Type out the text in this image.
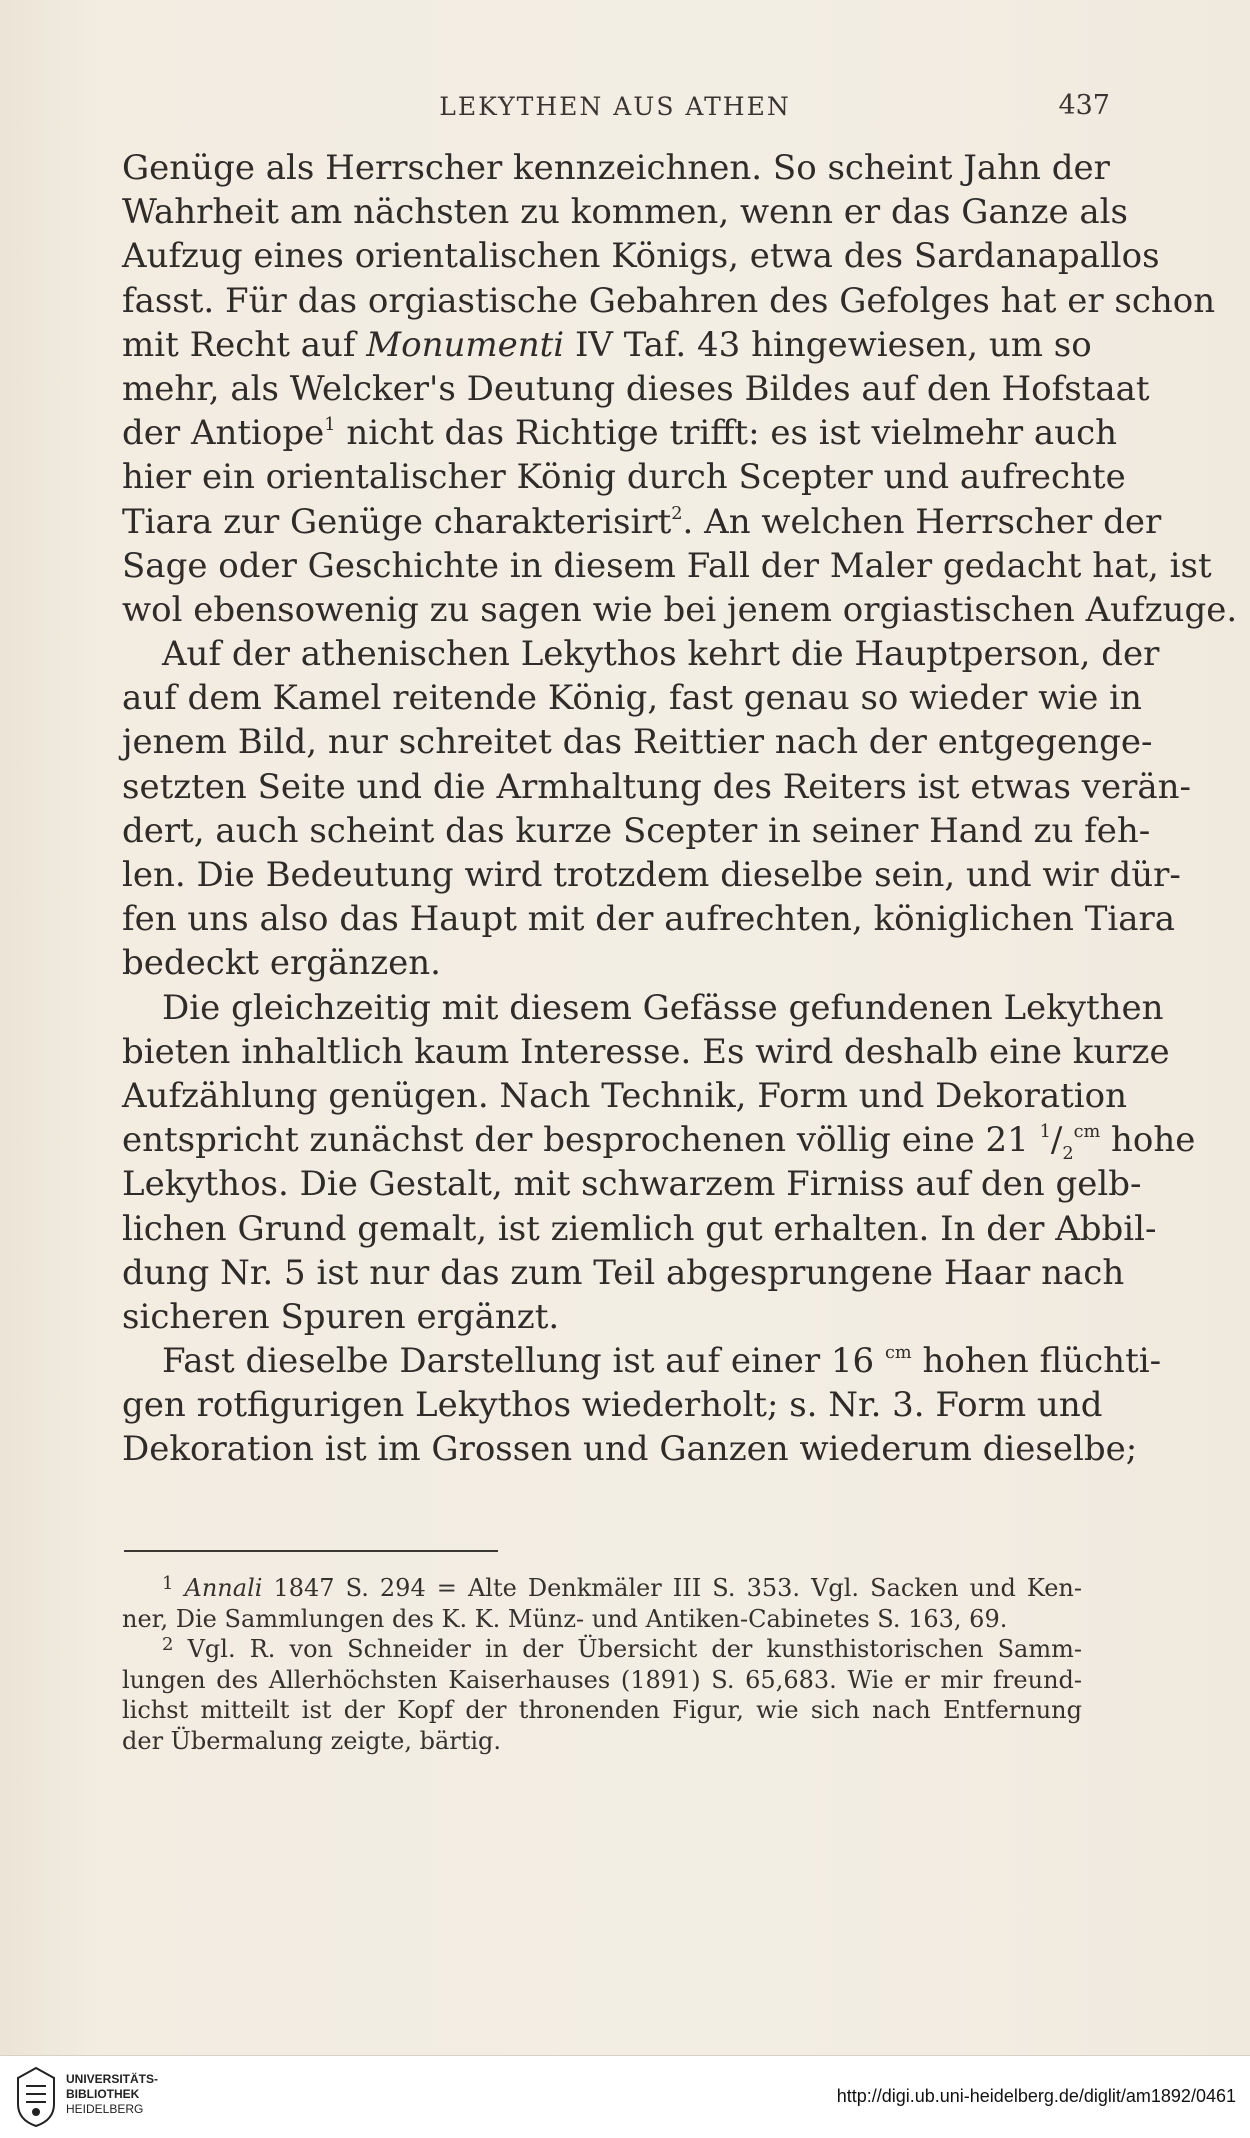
LEKYTHEN AUS ATHEN	437
Genüge als Herrscher kennzeichnen. So scheint Jahn der
Wahrheit am nächsten zu kommen, wenn er das Ganze als
Aufzug eines orientalischen Königs, etwa des Sardanapallos
fasst. Für das orgiastische Gebahren des Gefolges hat er schon
mit Recht auf Monumenti IV Taf. 43 hingewiesen, um so
mehr, als Welcker's Deutung dieses Bildes auf den Hofstaat
der Antiope$^1$ nicht das Richtige trifft: es ist vielmehr auch
hier ein orientalischer König durch Scepter und aufrechte
Tiara zur Genüge charakterisirt$^2$. An welchen Herrscher der
Sage oder Geschichte in diesem Fall der Maler gedacht hat, ist
wol ebensowenig zu sagen wie bei jenem orgiastischen Aufzuge.
Auf der athenischen Lekythos kehrt die Hauptperson, der
auf dem Kamel reitende König, fast genau so wieder wie in
jenem Bild, nur schreitet das Reittier nach der entgegenge-
setzten Seite und die Armhaltung des Reiters ist etwas verän-
dert, auch scheint das kurze Scepter in seiner Hand zu feh-
len. Die Bedeutung wird trotzdem dieselbe sein, und wir dür-
fen uns also das Haupt mit der aufrechten, königlichen Tiara
bedeckt ergänzen.
Die gleichzeitig mit diesem Gefässe gefundenen Lekythen
bieten inhaltlich kaum Interesse. Es wird deshalb eine kurze
Aufzählung genügen. Nach Technik, Form und Dekoration
entspricht zunächst der besprochenen völlig eine 21 $^1/_2^{cm}$ hohe
Lekythos. Die Gestalt, mit schwarzem Firniss auf den gelb-
lichen Grund gemalt, ist ziemlich gut erhalten. In der Abbil-
dung Nr. 5 ist nur das zum Teil abgesprungene Haar nach
sicheren Spuren ergänzt.
Fast dieselbe Darstellung ist auf einer 16 $^{cm}$ hohen flüchti-
gen rotfigurigen Lekythos wiederholt; s. Nr. 3. Form und
Dekoration ist im Grossen und Ganzen wiederum dieselbe;
$^1$ Annali 1847 S. 294 = Alte Denkmäler III S. 353. Vgl. Sacken und Ken-
ner, Die Sammlungen des K. K. Münz- und Antiken-Cabinetes S. 163, 69.
$^2$ Vgl. R. von Schneider in der Übersicht der kunsthistorischen Samm-
lungen des Allerhöchsten Kaiserhauses (1891) S. 65,683. Wie er mir freund-
lichst mitteilt ist der Kopf der thronenden Figur, wie sich nach Entfernung
der Übermalung zeigte, bärtig.
UNIVERSITÄTS-
BIBLIOTHEK
HEIDELBERG
http://digi.ub.uni-heidelberg.de/diglit/am1892/0461
